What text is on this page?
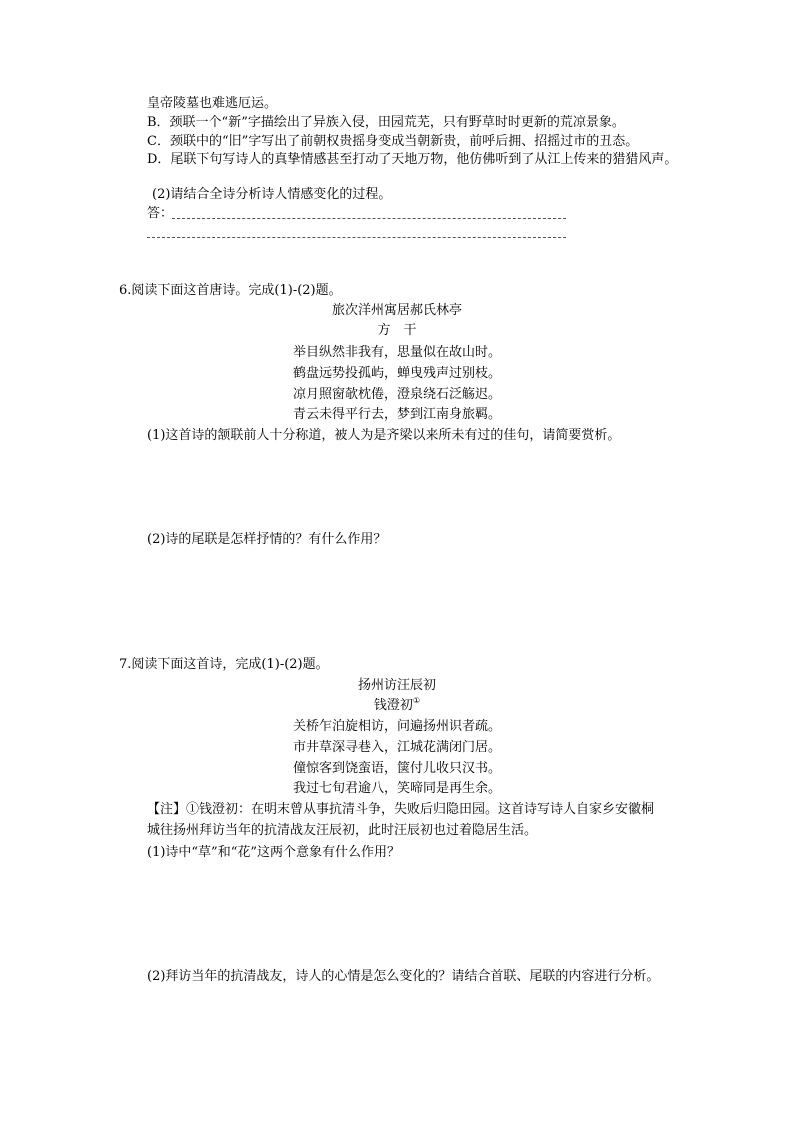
皇帝陵墓也难逃厄运。
B．颈联一个“新”字描绘出了异族入侵，田园荒芜，只有野草时时更新的荒凉景象。
C．颈联中的“旧”字写出了前朝权贵摇身变成当朝新贵，前呼后拥、招摇过市的丑态。
D．尾联下句写诗人的真挚情感甚至打动了天地万物，他仿佛听到了从江上传来的猎猎风声。
(2)请结合全诗分析诗人情感变化的过程。
答：
6.阅读下面这首唐诗。完成(1)-(2)题。
旅次洋州寓居郝氏林亭
方　干
举目纵然非我有，思量似在故山时。
鹤盘远势投孤屿，蝉曳残声过别枝。
凉月照窗欹枕倦，澄泉绕石泛觞迟。
青云未得平行去，梦到江南身旅羁。
(1)这首诗的颔联前人十分称道，被人为是齐梁以来所未有过的佳句，请简要赏析。
(2)诗的尾联是怎样抒情的？有什么作用？
7.阅读下面这首诗，完成(1)-(2)题。
扬州访汪辰初
钱澄初①
关桥乍泊旋相访，问遍扬州识者疏。
市井草深寻巷入，江城花满闭门居。
僮惊客到饶蛮语，箧付儿收只汉书。
我过七旬君逾八，笑啼同是再生余。
【注】①钱澄初：在明末曾从事抗清斗争，失败后归隐田园。这首诗写诗人自家乡安徽桐
城往扬州拜访当年的抗清战友汪辰初，此时汪辰初也过着隐居生活。
(1)诗中“草”和“花”这两个意象有什么作用？
(2)拜访当年的抗清战友，诗人的心情是怎么变化的？请结合首联、尾联的内容进行分析。
